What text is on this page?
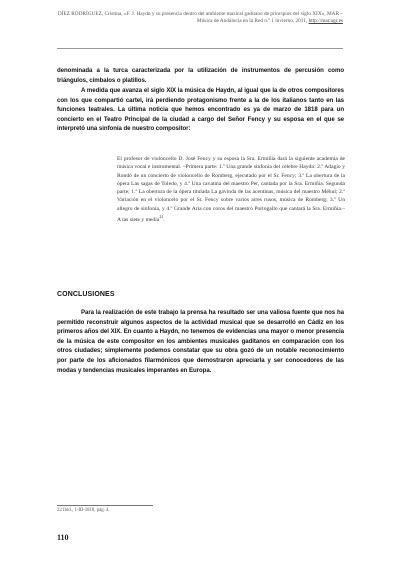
DÍEZ RODRÍGUEZ, Cristina, «F. J. Haydn y su presencia dentro del ambiente musical gaditano de principios del siglo XIX», MAR – Música de Andalucía en la Red n.º 1 invierno, 2011, http://mar.ugr.es
denominada a la turca caracterizada por la utilización de instrumentos de percusión como triángulos, címbalos o platillos.
A medida que avanza el siglo XIX la música de Haydn, al igual que la de otros compositores con los que compartió cartel, irá perdiendo protagonismo frente a la de los italianos tanto en las funciones teatrales. La última noticia que hemos encontrado es ya de marzo de 1818 para un concierto en el Teatro Principal de la ciudad a cargo del Señor Fency y su esposa en el que se interpretó una sinfonía de nuestro compositor:
El profesor de violoncello D. José Fency y su esposa la Sra. Ermiñia dará la siguiente academia de música vocal e instrumental. –Primera parte: 1.º Una grande sinfonía del célebre Haydn: 2.º Adagio y Rondó de un concierto de violoncello de Romberg, ejecutado por el Sr. Fency; 3.º La obertura de la ópera Las sagas de Toledo, y 4.º Una cavatina del maestro Per, cantada por la Sra. Ermiñia. Segunda parte; 1.º La obertura de la ópera titulada La gavinda de las acentinas, música del maestro Méhul; 2.º Variación en el violoncelo por el Sr. Fency sobre varios aires rusos, música de Romberg; 3.º Un allegro de sinfonía, y 4.º Grande Aria con coros del maestro Portogallo que cantará la Sra. Ermiñia.–A las siete y media$^{22}$.
CONCLUSIONES
Para la realización de este trabajo la prensa ha resultado ser una valiosa fuente que nos ha permitido reconstruir algunos aspectos de la actividad musical que se desarrolló en Cádiz en los primeros años del XIX. En cuanto a Haydn, no tenemos de evidencias una mayor o menor presencia de la música de este compositor en los ambientes musicales gaditanos en comparación con los otros ciudades; simplemente podemos constatar que su obra gozó de un notable reconocimiento por parte de los aficionados filarmónicos que demostraron apreciarla y ser conocedores de las modas y tendencias musicales imperantes en Europa.
22 Ibid., 1-III-1818, pág. 4.
110
